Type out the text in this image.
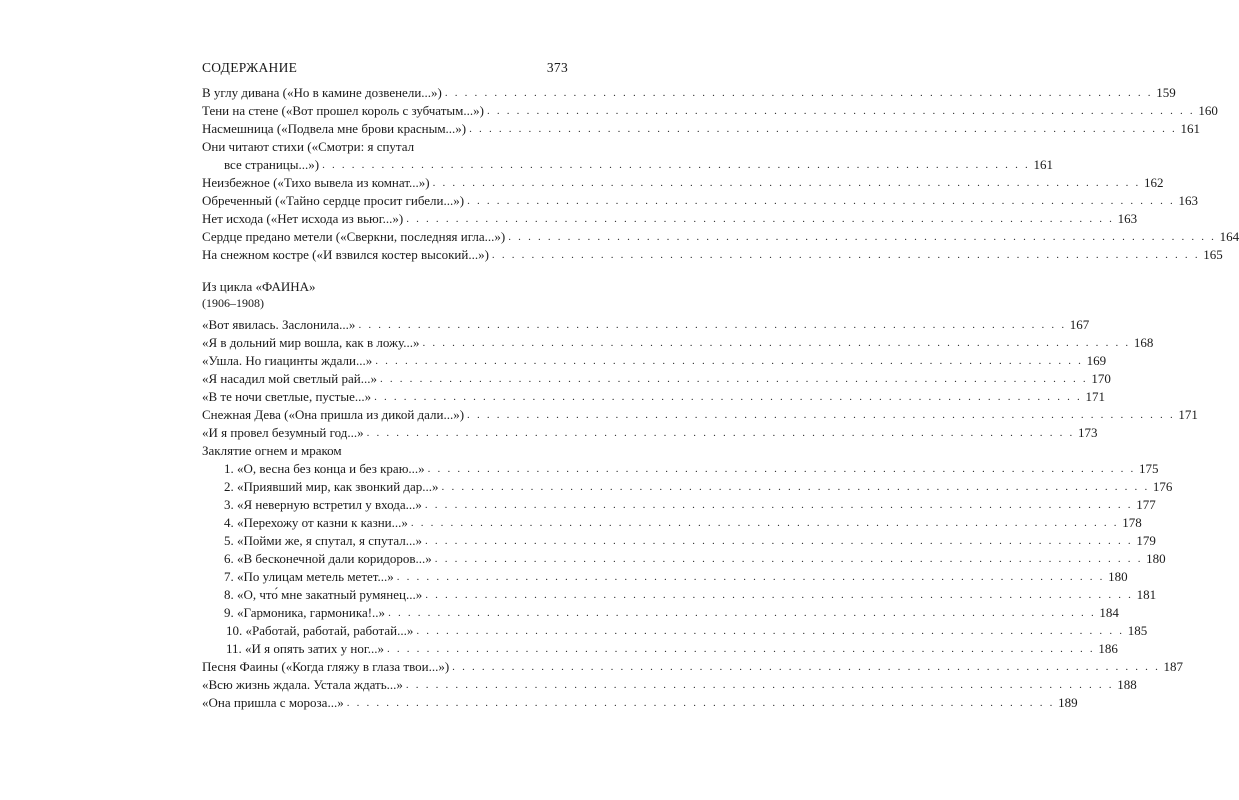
СОДЕРЖАНИЕ	373
В углу дивана («Но в камине дозвенели...») . . .	159
Тени на стене («Вот прошел король с зубчатым...») . . .	160
Насмешница («Подвела мне брови красным...») . . .	161
Они читают стихи («Смотри: я спутал
все страницы...») . . .	161
Неизбежное («Тихо вывела из комнат...») . . .	162
Обреченный («Тайно сердце просит гибели...») . . .	163
Нет исхода («Нет исхода из вьюг...») . . .	163
Сердце предано метели («Сверкни, последняя игла...») . . .	164
На снежном костре («И взвился костер высокий...») . . .	165
Из цикла «ФАИНА»
(1906–1908)
«Вот явилась. Заслонила...» . . .	167
«Я в дольний мир вошла, как в ложу...» . . .	168
«Ушла. Но гиацинты ждали...» . . .	169
«Я насадил мой светлый рай...» . . .	170
«В те ночи светлые, пустые...» . . .	171
Снежная Дева («Она пришла из дикой дали...») . . .	171
«И я провел безумный год...» . . .	173
Заклятие огнем и мраком
1. «О, весна без конца и без краю...» . . .	175
2. «Приявший мир, как звонкий дар...» . . .	176
3. «Я неверную встретил у входа...» . . .	177
4. «Перехожу от казни к казни...» . . .	178
5. «Пойми же, я спутал, я спутал...» . . .	179
6. «В бесконечной дали коридоров...» . . .	180
7. «По улицам метель метет...» . . .	180
8. «О, что́ мне закатный румянец...» . . .	181
9. «Гармоника, гармоника!..» . . .	184
10. «Работай, работай, работай...» . . .	185
11. «И я опять затих у ног...» . . .	186
Песня Фаины («Когда гляжу в глаза твои...») . . .	187
«Всю жизнь ждала. Устала ждать...» . . .	188
«Она пришла с мороза...» . . .	189
